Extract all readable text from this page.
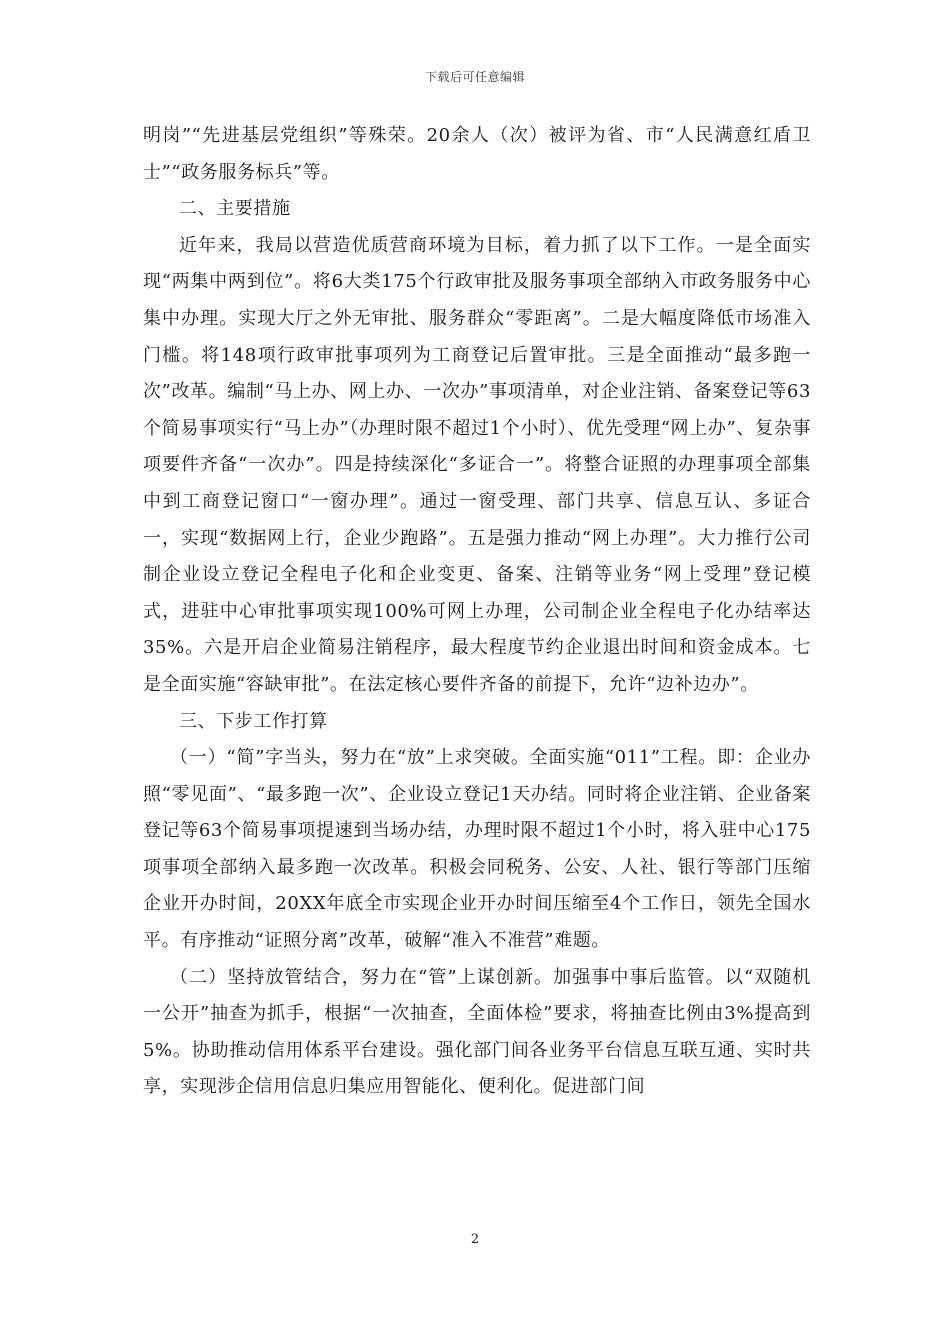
下载后可任意编辑

明岗”“先进基层党组织”等殊荣。20余人（次）被评为省、市“人民满意红盾卫士”“政务服务标兵”等。

二、主要措施

近年来，我局以营造优质营商环境为目标，着力抓了以下工作。一是全面实现“两集中两到位”。将6大类175个行政审批及服务事项全部纳入市政务服务中心集中办理。实现大厅之外无审批、服务群众“零距离”。二是大幅度降低市场准入门槛。将148项行政审批事项列为工商登记后置审批。三是全面推动“最多跑一次”改革。编制“马上办、网上办、一次办”事项清单，对企业注销、备案登记等63个简易事项实行“马上办”（办理时限不超过1个小时）、优先受理“网上办”、复杂事项要件齐备“一次办”。四是持续深化“多证合一”。将整合证照的办理事项全部集中到工商登记窗口“一窗办理”。通过一窗受理、部门共享、信息互认、多证合一，实现“数据网上行，企业少跑路”。五是强力推动“网上办理”。大力推行公司制企业设立登记全程电子化和企业变更、备案、注销等业务“网上受理”登记模式，进驻中心审批事项实现100%可网上办理，公司制企业全程电子化办结率达35%。六是开启企业简易注销程序，最大程度节约企业退出时间和资金成本。七是全面实施“容缺审批”。在法定核心要件齐备的前提下，允许“边补边办”。

三、下步工作打算

（一）“简”字当头，努力在“放”上求突破。全面实施“011”工程。即：企业办照“零见面”、“最多跑一次”、企业设立登记1天办结。同时将企业注销、企业备案登记等63个简易事项提速到当场办结，办理时限不超过1个小时，将入驻中心175项事项全部纳入最多跑一次改革。积极会同税务、公安、人社、银行等部门压缩企业开办时间，20XX年底全市实现企业开办时间压缩至4个工作日，领先全国水平。有序推动“证照分离”改革，破解“准入不准营”难题。

（二）坚持放管结合，努力在“管”上谋创新。加强事中事后监管。以“双随机一公开”抽查为抓手，根据“一次抽查，全面体检”要求，将抽查比例由3%提高到5%。协助推动信用体系平台建设。强化部门间各业务平台信息互联互通、实时共享，实现涉企信用信息归集应用智能化、便利化。促进部门间

2
